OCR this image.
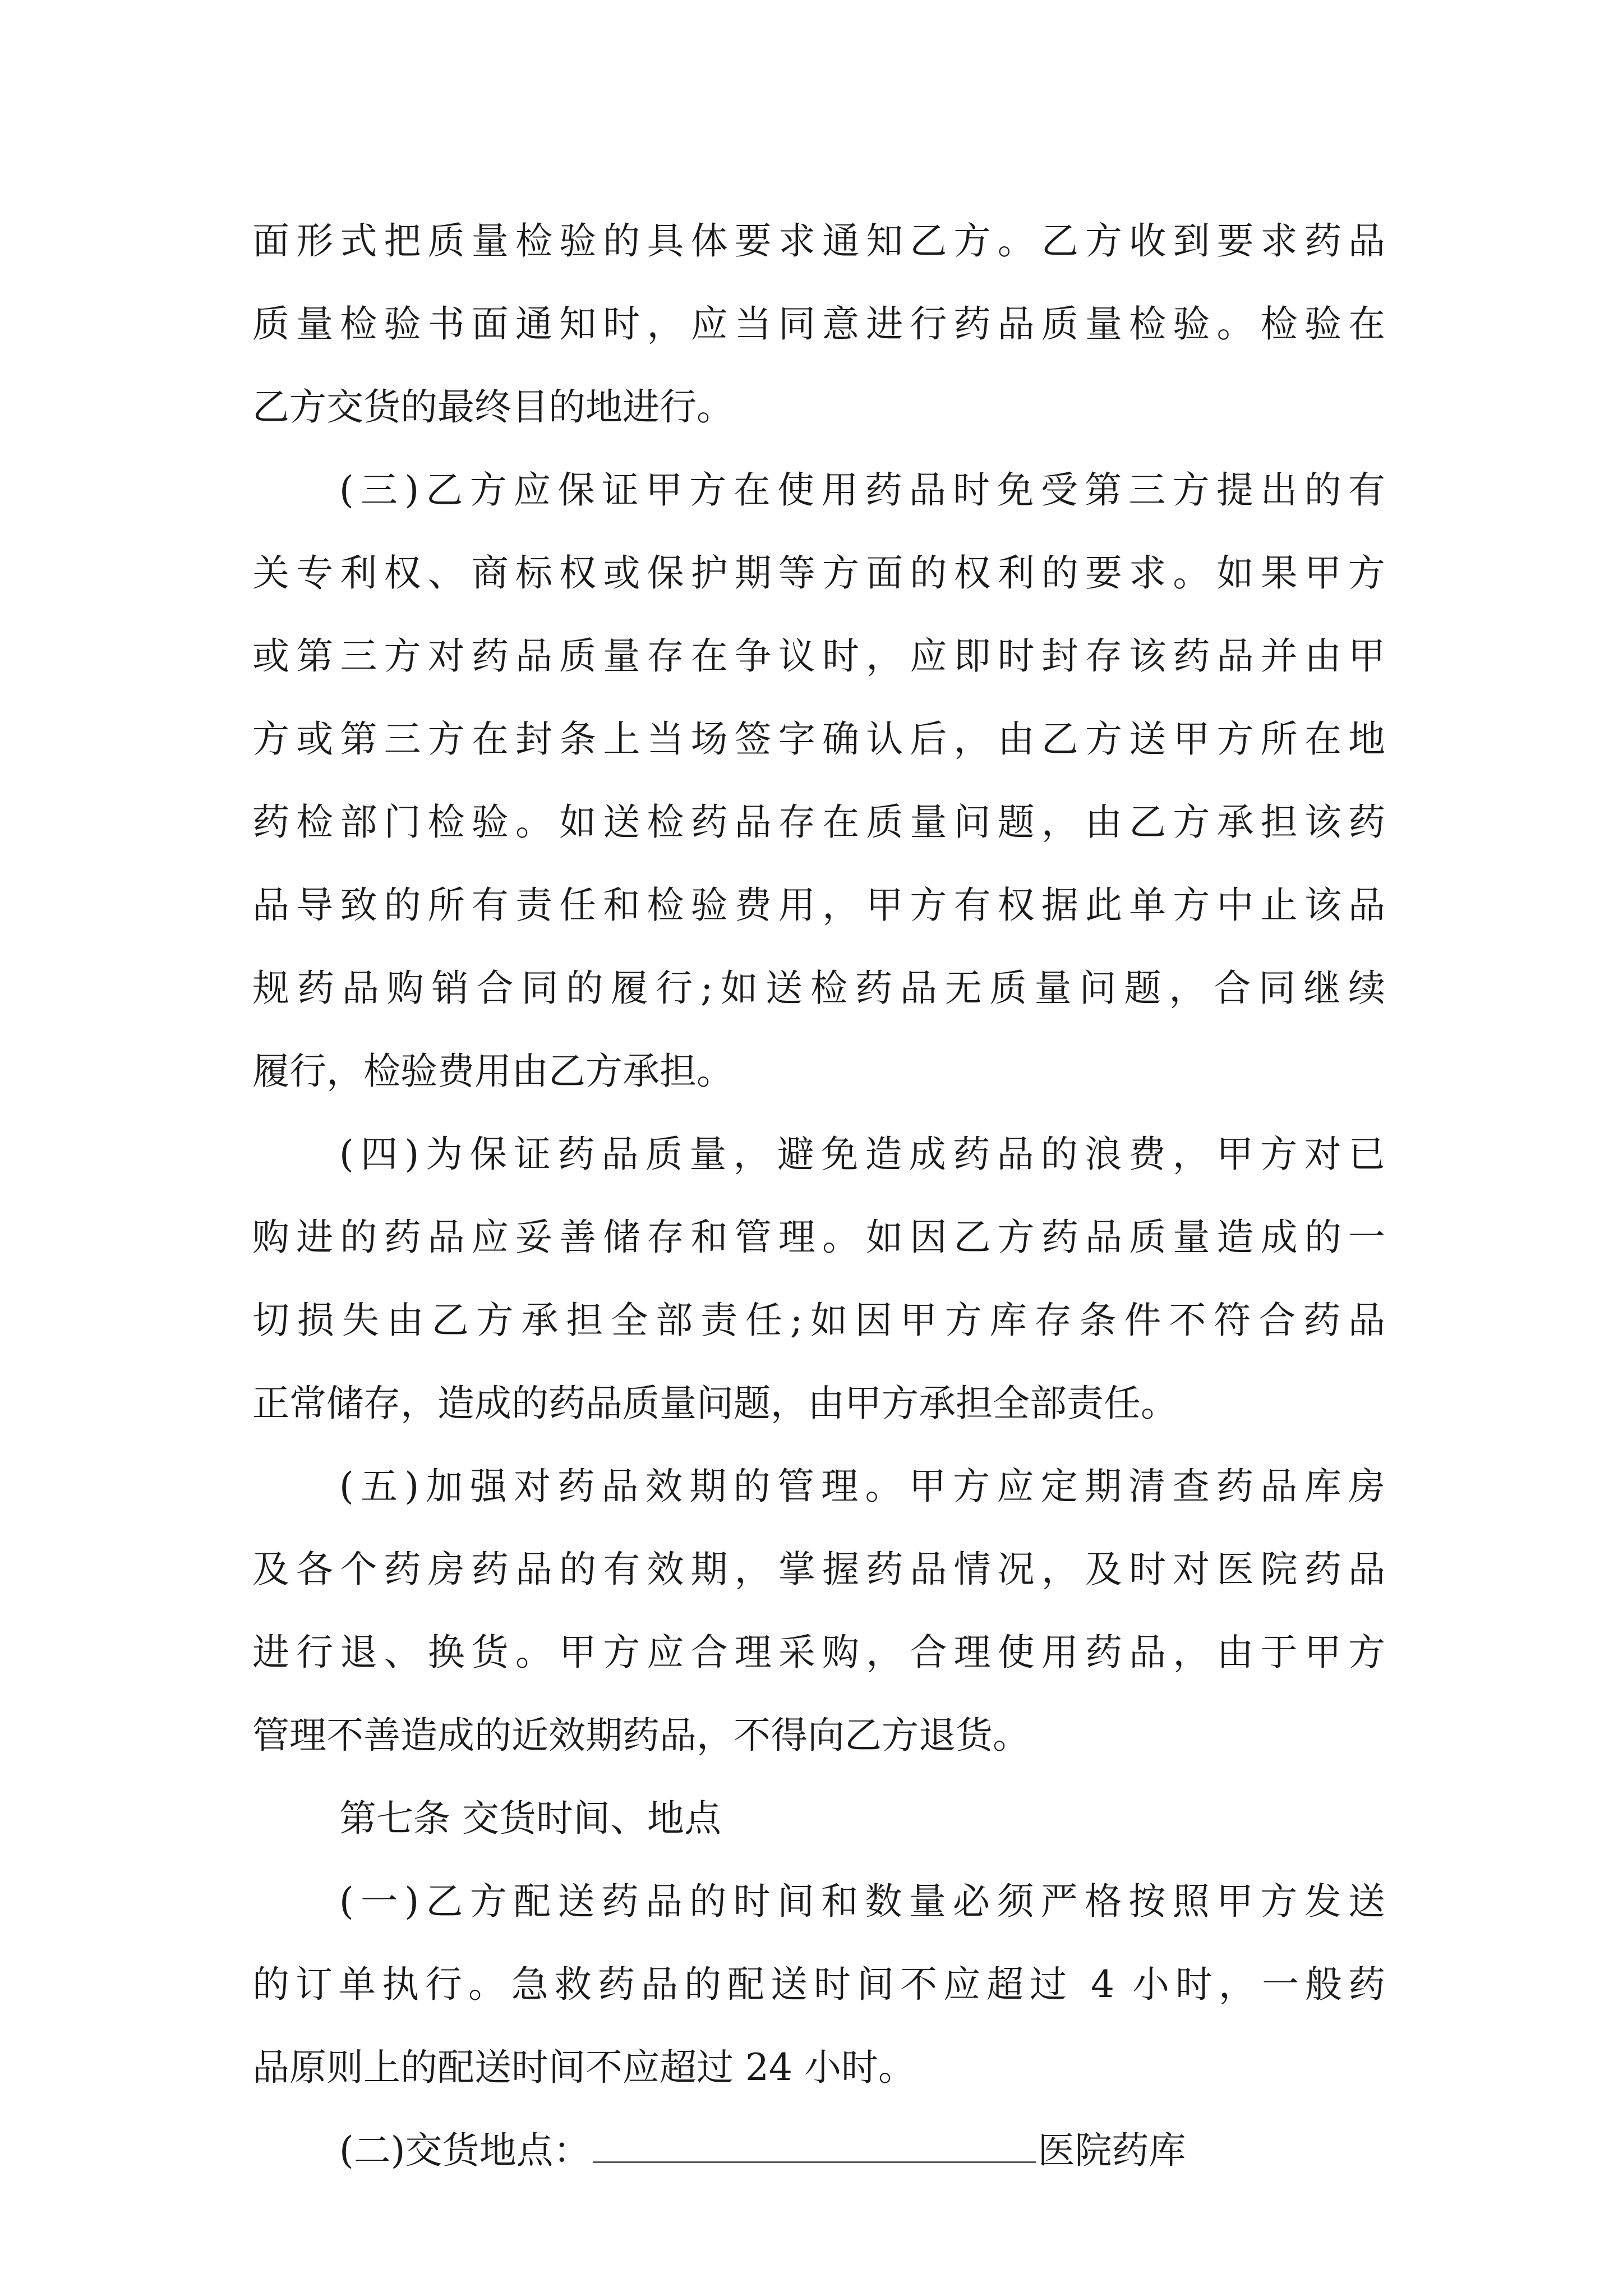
面形式把质量检验的具体要求通知乙方。乙方收到要求药品
质量检验书面通知时，应当同意进行药品质量检验。检验在
乙方交货的最终目的地进行。
(三)乙方应保证甲方在使用药品时免受第三方提出的有
关专利权、商标权或保护期等方面的权利的要求。如果甲方
或第三方对药品质量存在争议时，应即时封存该药品并由甲
方或第三方在封条上当场签字确认后，由乙方送甲方所在地
药检部门检验。如送检药品存在质量问题，由乙方承担该药
品导致的所有责任和检验费用，甲方有权据此单方中止该品
规药品购销合同的履行;如送检药品无质量问题，合同继续
履行，检验费用由乙方承担。
(四)为保证药品质量，避免造成药品的浪费，甲方对已
购进的药品应妥善储存和管理。如因乙方药品质量造成的一
切损失由乙方承担全部责任;如因甲方库存条件不符合药品
正常储存，造成的药品质量问题，由甲方承担全部责任。
(五)加强对药品效期的管理。甲方应定期清查药品库房
及各个药房药品的有效期，掌握药品情况，及时对医院药品
进行退、换货。甲方应合理采购，合理使用药品，由于甲方
管理不善造成的近效期药品，不得向乙方退货。
第七条 交货时间、地点
(一)乙方配送药品的时间和数量必须严格按照甲方发送
的订单执行。急救药品的配送时间不应超过 4 小时，一般药
品原则上的配送时间不应超过 24 小时。
(二)交货地点：	医院药库
